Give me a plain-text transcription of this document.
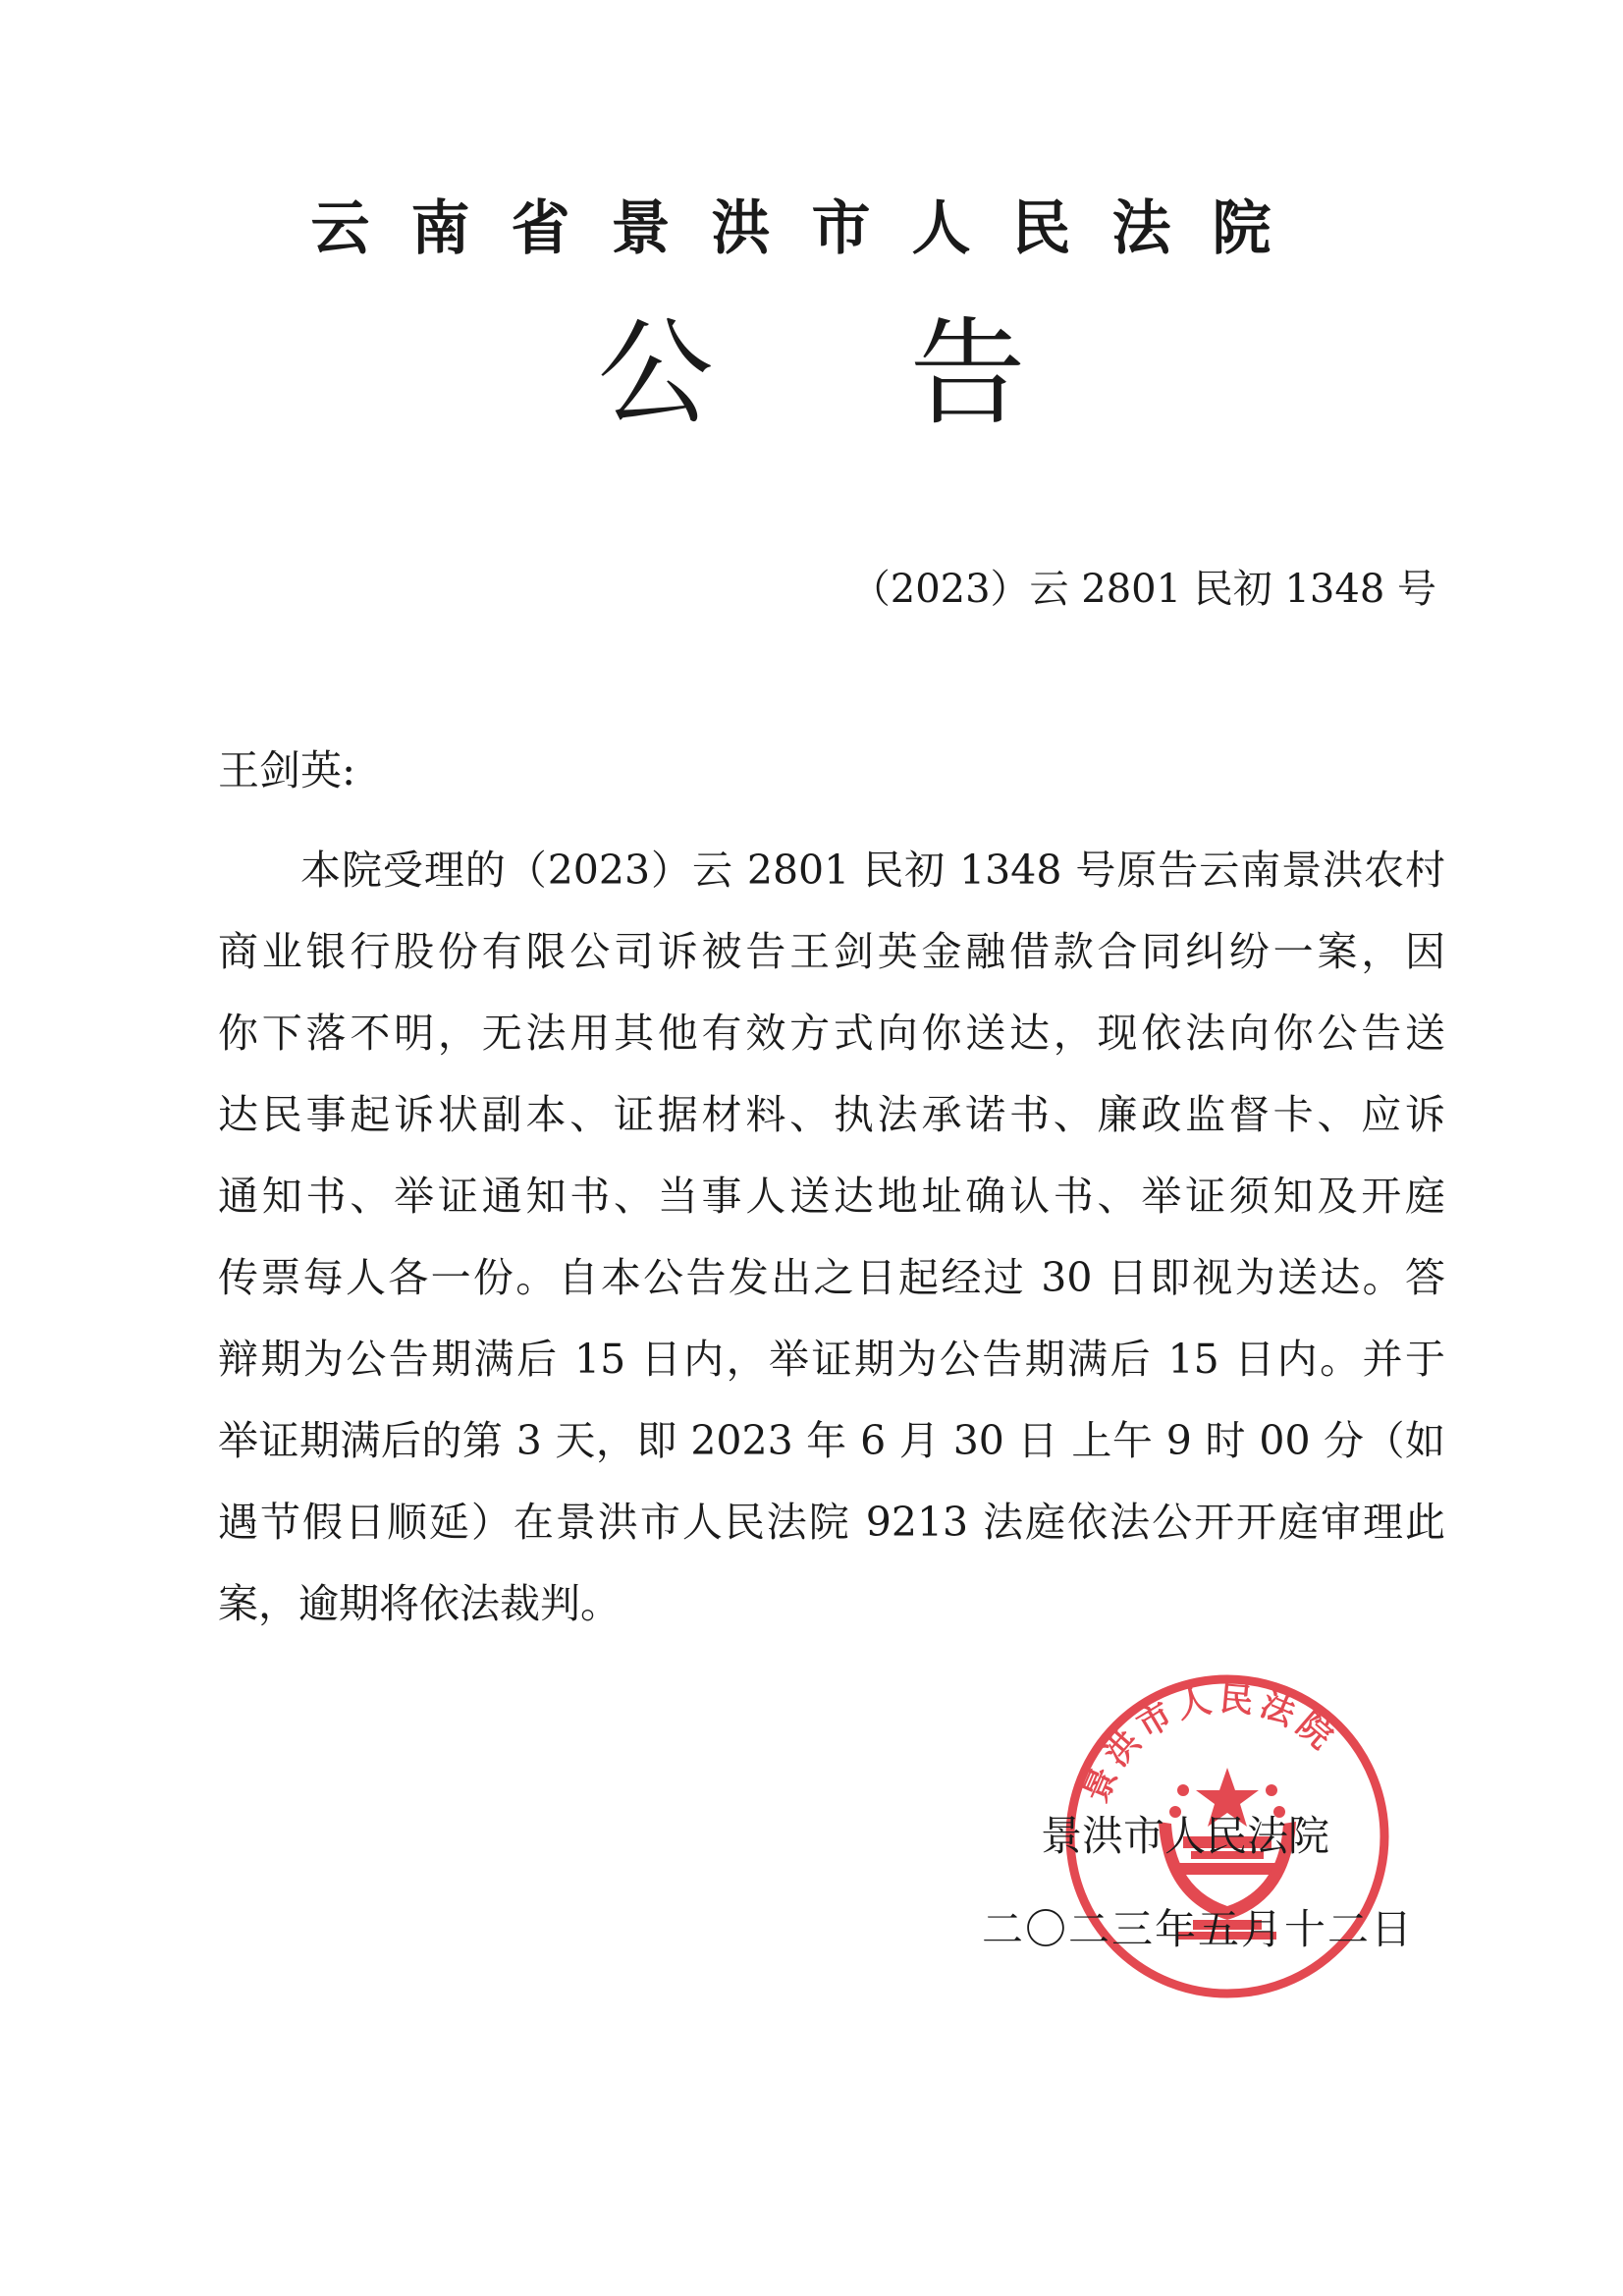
云南省景洪市人民法院
公告
（2023）云 2801 民初 1348 号
王剑英:
本院受理的（2023）云 2801 民初 1348 号原告云南景洪农村
商业银行股份有限公司诉被告王剑英金融借款合同纠纷一案，因
你下落不明，无法用其他有效方式向你送达，现依法向你公告送
达民事起诉状副本、证据材料、执法承诺书、廉政监督卡、应诉
通知书、举证通知书、当事人送达地址确认书、举证须知及开庭
传票每人各一份。自本公告发出之日起经过 30 日即视为送达。答
辩期为公告期满后 15 日内，举证期为公告期满后 15 日内。并于
举证期满后的第 3 天，即 2023 年 6 月 30 日 上午 9 时 00 分（如
遇节假日顺延）在景洪市人民法院 9213 法庭依法公开开庭审理此
案，逾期将依法裁判。
景洪市人民法院
景洪市人民法院
二〇二三年五月十二日
